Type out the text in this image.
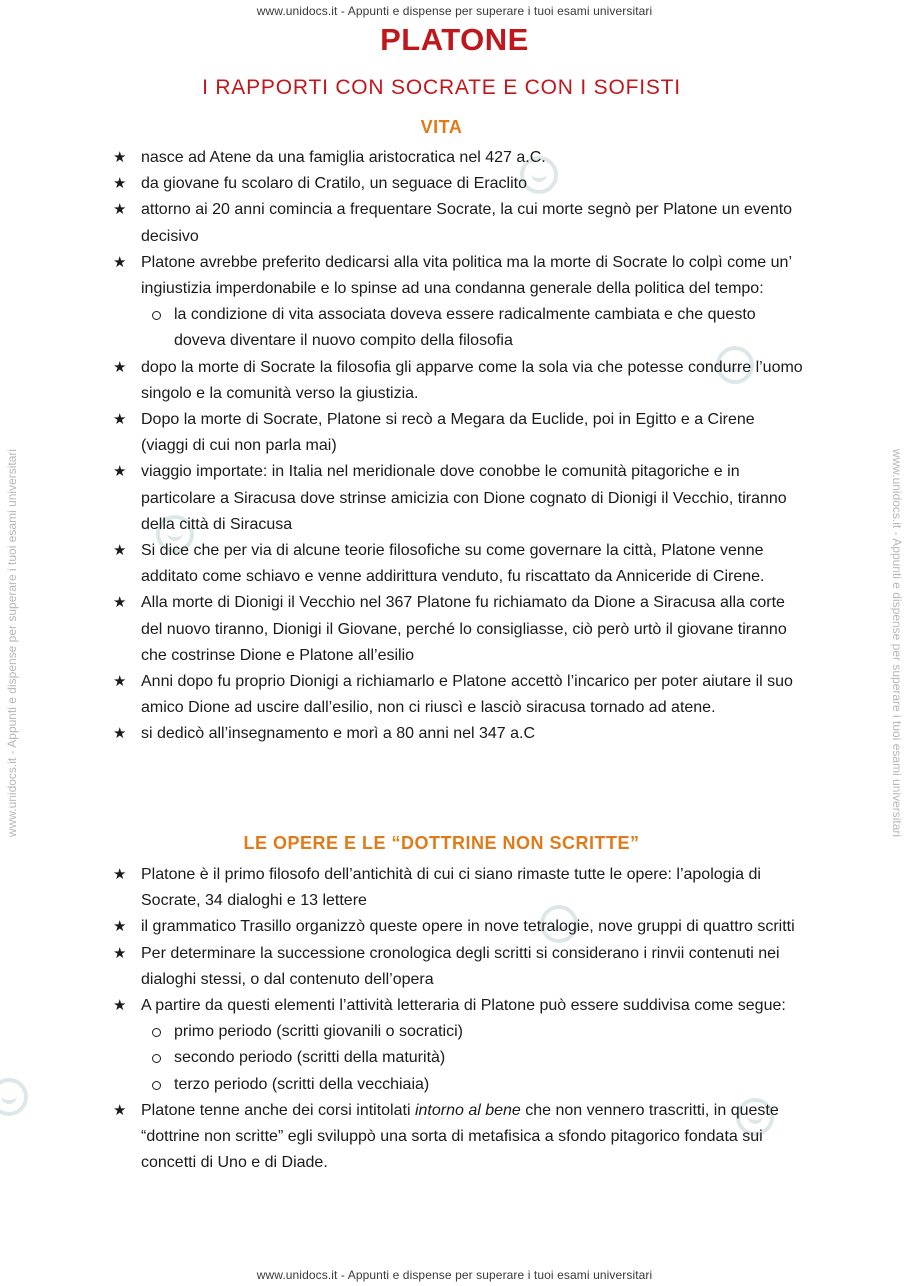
www.unidocs.it - Appunti e dispense per superare i tuoi esami universitari
www.unidocs.it - Appunti e dispense per superare i tuoi esami universitari
www.unidocs.it - Appunti e dispense per superare i tuoi esami universitari	www.unidocs.it - Appunti e dispense per superare i tuoi esami universitari
PLATONE
I RAPPORTI CON SOCRATE E CON I SOFISTI
VITA
★ nasce ad Atene da una famiglia aristocratica nel 427 a.C.
★ da giovane fu scolaro di Cratilo, un seguace di Eraclito
★ attorno ai 20 anni comincia a frequentare Socrate, la cui morte segnò per Platone un evento decisivo
★ Platone avrebbe preferito dedicarsi alla vita politica ma la morte di Socrate lo colpì come un’ ingiustizia imperdonabile e lo spinse ad una condanna generale della politica del tempo:
la condizione di vita associata doveva essere radicalmente cambiata e che questo doveva diventare il nuovo compito della filosofia
★ dopo la morte di Socrate la filosofia gli apparve come la sola via che potesse condurre l’uomo singolo e la comunità verso la giustizia.
★ Dopo la morte di Socrate, Platone si recò a Megara da Euclide, poi in Egitto e a Cirene (viaggi di cui non parla mai)
★ viaggio importate: in Italia nel meridionale dove conobbe le comunità pitagoriche e in particolare a Siracusa dove strinse amicizia con Dione cognato di Dionigi il Vecchio, tiranno della città di Siracusa
★ Si dice che per via di alcune teorie filosofiche su come governare la città, Platone venne additato come schiavo e venne addirittura venduto, fu riscattato da Anniceride di Cirene.
★ Alla morte di Dionigi il Vecchio nel 367 Platone fu richiamato da Dione a Siracusa alla corte del nuovo tiranno, Dionigi il Giovane, perché lo consigliasse, ciò però urtò il giovane tiranno che costrinse Dione e Platone all’esilio
★ Anni dopo fu proprio Dionigi a richiamarlo e Platone accettò l’incarico per poter aiutare il suo amico Dione ad uscire dall’esilio, non ci riuscì e lasciò siracusa tornado ad atene.
★ si dedicò all’insegnamento e morì a 80 anni nel 347 a.C
LE OPERE E LE “DOTTRINE NON SCRITTE”
★ Platone è il primo filosofo dell’antichità di cui ci siano rimaste tutte le opere: l’apologia di Socrate, 34 dialoghi e 13 lettere
★ il grammatico Trasillo organizzò queste opere in nove tetralogie, nove gruppi di quattro scritti
★ Per determinare la successione cronologica degli scritti si considerano i rinvii contenuti nei dialoghi stessi, o dal contenuto dell’opera
★ A partire da questi elementi l’attività letteraria di Platone può essere suddivisa come segue:
primo periodo (scritti giovanili o socratici)
secondo periodo (scritti della maturità)
terzo periodo (scritti della vecchiaia)
★ Platone tenne anche dei corsi intitolati intorno al bene che non vennero trascritti, in queste “dottrine non scritte” egli sviluppò una sorta di metafisica a sfondo pitagorico fondata sui concetti di Uno e di Diade.
